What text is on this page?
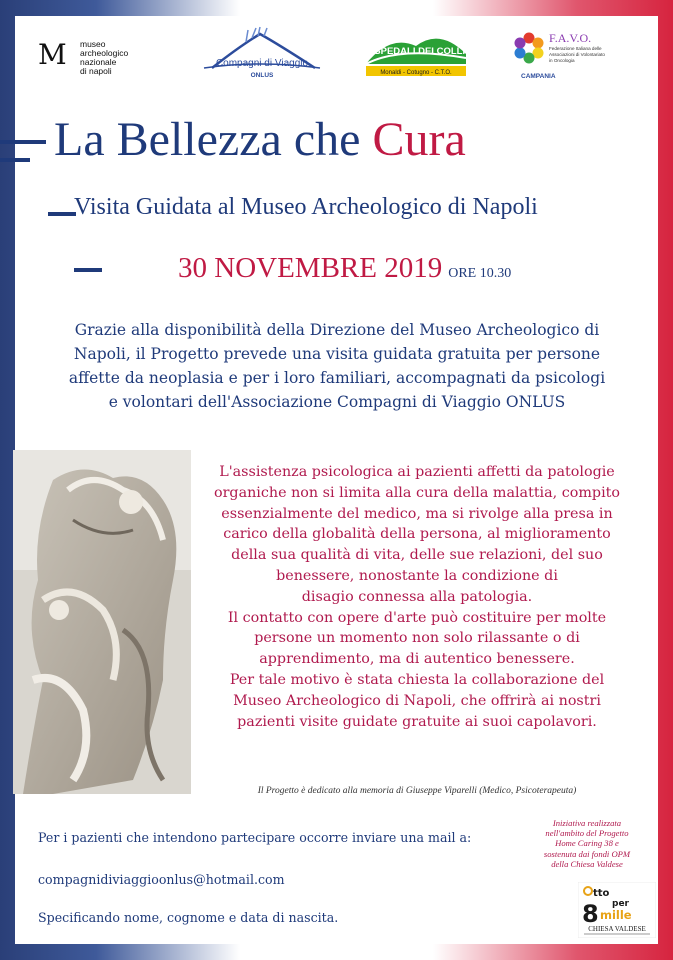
M museo
archeologico
nazionale
di napoli
Compagni di Viaggio
ONLUS
OSPEDALI DEI COLLI
Monaldi - Cotugno - C.T.O.
F.A.V.O.
Federazione Italiana delle
Associazioni di Volontariato
in Oncologia
CAMPANIA
La Bellezza che Cura
Visita Guidata al Museo Archeologico di Napoli
30 NOVEMBRE 2019 ORE 10.30
Grazie alla disponibilità della Direzione del Museo Archeologico di
Napoli, il Progetto prevede una visita guidata gratuita per persone
affette da neoplasia e per i loro familiari, accompagnati da psicologi
e volontari dell'Associazione Compagni di Viaggio ONLUS

L'assistenza psicologica ai pazienti affetti da patologie

organiche non si limita alla cura della malattia, compito

essenzialmente del medico, ma si rivolge alla presa in

carico della globalità della persona, al miglioramento

della sua qualità di vita, delle sue relazioni, del suo

benessere, nonostante la condizione di

disagio connessa alla patologia.

Il contatto con opere d'arte può costituire per molte

persone un momento non solo rilassante o di

apprendimento, ma di autentico benessere.

Per tale motivo è stata chiesta la collaborazione del

Museo Archeologico di Napoli, che offrirà ai nostri

pazienti visite guidate gratuite ai suoi capolavori.

Il Progetto è dedicato alla memoria di Giuseppe Viparelli (Medico, Psicoterapeuta)
Per i pazienti che intendono partecipare occorre inviare una mail a:
compagnidiviaggioonlus@hotmail.com
Specificando nome, cognome e data di nascita.
Iniziativa realizzata
nell'ambito del Progetto
Home Caring 38 e
sostenuta dai fondi OPM
della Chiesa Valdese
tto
per
8 mille
CHIESA VALDESE
